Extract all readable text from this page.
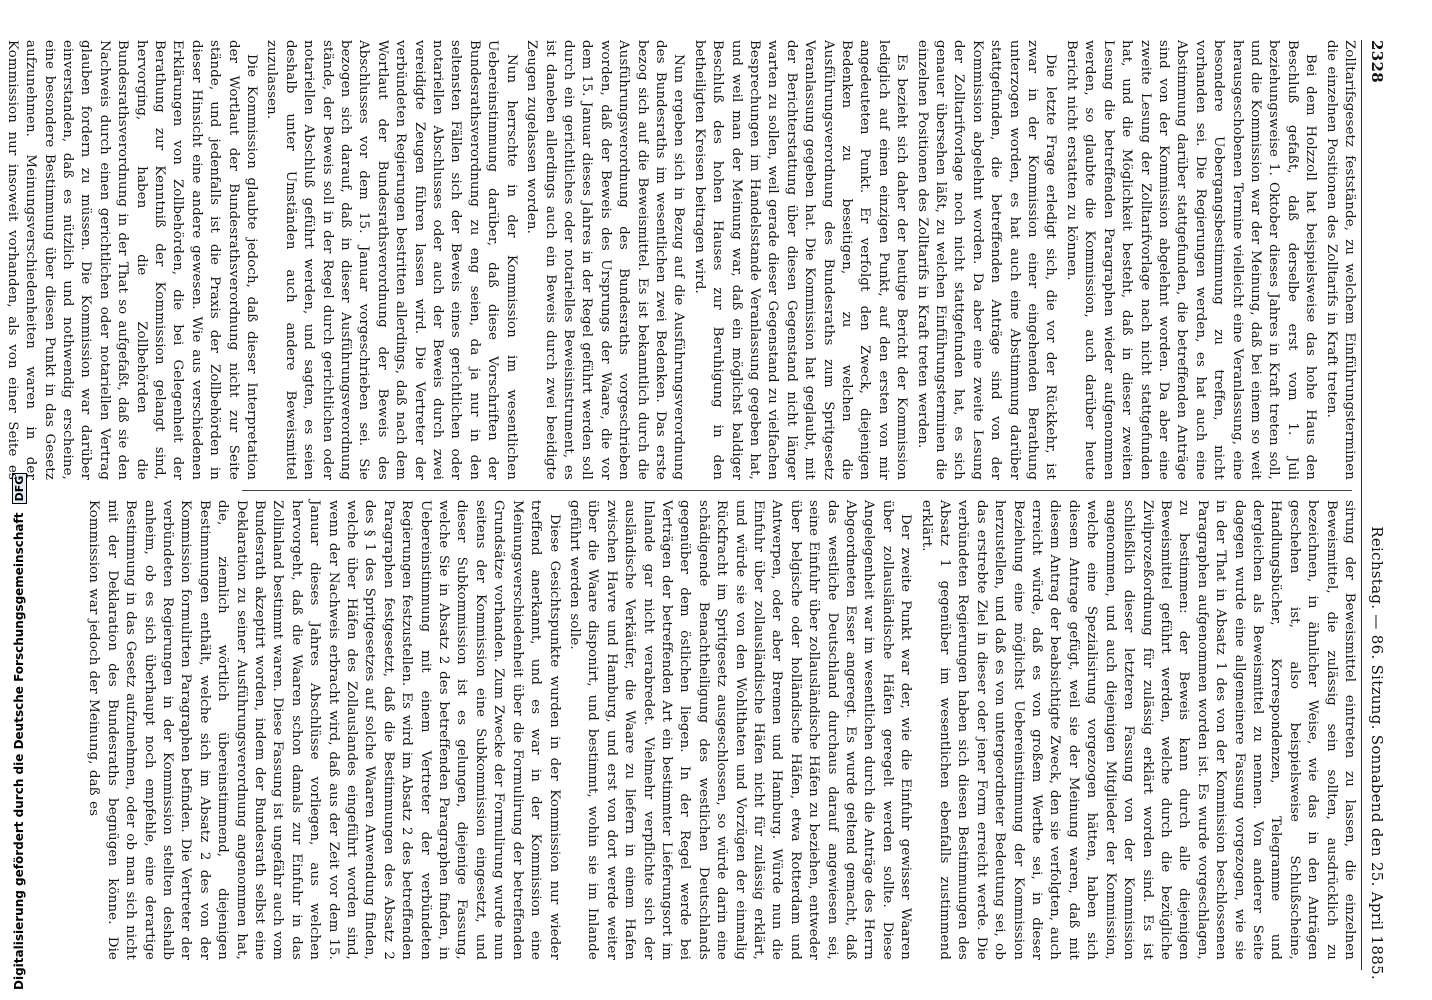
Digitalisierung gefördert durch die Deutsche Forschungsgemeinschaft DFG
2328
Reichstag. — 86. Sitzung. Sonnabend den 25. April 1885.

Zolltarifsgesetz feststände, zu welchem Einführungsterminen die einzelnen Positionen des Zolltarifs in Kraft treten.

Bei dem Holzzoll hat beispielsweise das hohe Haus den Beschluß gefaßt, daß derselbe erst vom 1. Juli beziehungsweise 1. Oktober dieses Jahres in Kraft treten soll, und die Kommission war der Meinung, daß bei einem so weit herausgeschobenen Termine vielleicht eine Veranlassung, eine besondere Uebergangsbestimmung zu treffen, nicht vorhanden sei. Die Regierungen werden, es hat auch eine Abstimmung darüber stattgefunden, die betreffenden Anträge sind von der Kommission abgelehnt worden. Da aber eine zweite Lesung der Zolltarifvorlage nach nicht stattgefunden hat, und die Möglichkeit besteht, daß in dieser zweiten Lesung die betreffenden Paragraphen wieder aufgenommen werden, so glaubte die Kommission, auch darüber heute Bericht nicht erstatten zu können.

Die letzte Frage erledigt sich, die vor der Rückkehr, ist zwar in der Kommission einer eingehenden Berathung unterzogen worden, es hat auch eine Abstimmung darüber stattgefunden, die betreffenden Anträge sind von der Kommission abgelehnt worden. Da aber eine zweite Lesung der Zolltarifvorlage noch nicht stattgefunden hat, es sich genauer übersehen läßt, zu welchen Einführungsterminen die einzelnen Positionen des Zolltarifs in Kraft treten werden.

Es bezieht sich daher der heutige Bericht der Kommission lediglich auf einen einzigen Punkt, auf den ersten von mir angedeuteten Punkt. Er verfolgt den Zweck, diejenigen Bedenken zu beseitigen, zu welchen die Ausführungsverordnung des Bundesraths zum Spritgesetz Veranlassung gegeben hat. Die Kommission hat geglaubt, mit der Berichterstattung über diesen Gegenstand nicht länger warten zu sollen, weil gerade dieser Gegenstand zu vielfachen Besprechungen im Handelsstande Veranlassung gegeben hat, und weil man der Meinung war, daß ein möglichst baldiger Beschluß des hohen Hauses zur Beruhigung in den betheiligten Kreisen beitragen wird.

Nun ergeben sich in Bezug auf die Ausführungsverordnung des Bundesraths im wesentlichen zwei Bedenken. Das erste bezog sich auf die Beweismittel. Es ist bekanntlich durch die Ausführungsverordnung des Bundesraths vorgeschrieben worden, daß der Beweis des Ursprungs der Waare, die vor dem 15. Januar dieses Jahres in der Regel geführt werden soll durch ein gerichtliches oder notarielles Beweisinstrument, es ist daneben allerdings auch ein Beweis durch zwei beeidigte Zeugen zugelassen worden.

Nun herrschte in der Kommission im wesentlichen Uebereinstimmung darüber, daß diese Vorschriften der Bundesrathsverordnung zu eng seien, da ja nur in den seltensten Fällen sich der Beweis eines gerichtlichen oder notariellen Abschlusses oder auch der Beweis durch zwei vereidigte Zeugen führen lassen wird. Die Vertreter der verbündeten Regierungen bestritten allerdings, daß nach dem Wortlaut der Bundesrathsverordnung der Beweis des Abschlusses vor dem 15. Januar vorgeschrieben sei. Sie bezogen sich darauf, daß in dieser Ausführungsverordnung stände, der Beweis soll in der Regel durch gerichtlichen oder notariellen Abschluß geführt werden, und sagten, es seien deshalb unter Umständen auch andere Beweismittel zuzulassen.

Die Kommission glaubte jedoch, daß dieser Interpretation der Wortlaut der Bundesrathsverordnung nicht zur Seite stände, und jedenfalls ist die Praxis der Zollbehörden in dieser Hinsicht eine andere gewesen. Wie aus verschiedenen Erklärungen von Zollbehörden, die bei Gelegenheit der Berathung zur Kenntniß der Kommission gelangt sind, hervorging, haben die Zollbehörden die Bundesrathsverordnung in der That so aufgefaßt, daß sie den Nachweis durch einen gerichtlichen oder notariellen Vertrag glauben fordern zu müssen. Die Kommission war darüber einverstanden, daß es nützlich und nothwendig erscheine, eine besondere Bestimmung über diesen Punkt in das Gesetz aufzunehmen. Meinungsverschiedenheiten waren in der Kommission nur insoweit vorhanden, als von einer Seite es

sirung der Beweismittel eintreten zu lassen, die einzelnen Beweismittel, die zulässig sein sollten, ausdrücklich zu bezeichnen, in ähnlicher Weise, wie das in den Anträgen geschehen ist, also beispielsweise Schlußscheine, Handlungsbücher, Korrespondenzen, Telegramme und dergleichen als Beweismittel zu nennen. Von anderer Seite dagegen wurde eine allgemeinere Fassung vorgezogen, wie sie in der That in Absatz 1 des von der Kommission beschlossenen Paragraphen aufgenommen worden ist. Es wurde vorgeschlagen, zu bestimmen: der Beweis kann durch alle diejenigen Beweismittel geführt werden, welche durch die bezügliche Zivilprozeßordnung für zulässig erklärt worden sind. Es ist schließlich dieser letzteren Fassung von der Kommission angenommen, und auch diejenigen Mitglieder der Kommission, welche eine Spezialisirung vorgezogen hätten, haben sich diesem Antrage gefügt, weil sie der Meinung waren, daß mit diesem Antrag der beabsichtigte Zweck, den sie verfolgten, auch erreicht würde, daß es von großem Werthe sei, in dieser Beziehung eine möglichst Uebereinstimmung der Kommission herzustellen, und daß es von untergeordneter Bedeutung sei, ob das erstrebte Ziel in dieser oder jener Form erreicht werde. Die verbündeten Regierungen haben sich diesen Bestimmungen des Absatz 1 gegenüber im wesentlichen ebenfalls zustimmend erklärt.

Der zweite Punkt war der, wie die Einfuhr gewisser Waaren über zollausländische Häfen geregelt werden sollte. Diese Angelegenheit war im wesentlichen durch die Anträge des Herrn Abgeordneten Esser angeregt. Es wurde geltend gemacht, daß das westliche Deutschland durchaus darauf angewiesen sei, seine Einfuhr über zollausländische Häfen zu beziehen, entweder über belgische oder holländische Häfen, etwa Rotterdam und Antwerpen, oder aber Bremen und Hamburg. Würde nun die Einfuhr über zollausländische Häfen nicht für zulässig erklärt, und würde sie von den Wohlthaten und Vorzügen der einmalig Rückfracht im Spritgesetz ausgeschlossen, so würde darin eine schädigende Benachtheiligung des westlichen Deutschlands gegenüber dem östlichen liegen. In der Regel werde bei Verträgen der betreffenden Art ein bestimmter Lieferungsort im Inlande gar nicht verabredet. Vielmehr verpflichte sich der ausländische Verkäufer, die Waare zu liefern in einem Hafen zwischen Havre und Hamburg, und erst von dort werde weiter über die Waare disponirt, und bestimmt, wohin sie im Inlande geführt werden solle.

Diese Gesichtspunkte wurden in der Kommission nur wieder treffend anerkannt, und es war in der Kommission eine Meinungsverschiedenheit über die Formulirung der betreffenden Grundsätze vorhanden. Zum Zwecke der Formulirung wurde nun seitens der Kommission eine Subkommission eingesetzt, und dieser Subkommission ist es gelungen, diejenige Fassung, welche Sie in Absatz 2 des betreffenden Paragraphen finden, in Uebereinstimmung mit einem Vertreter der verbündeten Regierungen festzustellen. Es wird im Absatz 2 des betreffenden Paragraphen festgesetzt, daß die Bestimmungen des Absatz 2 des § 1 des Spritgesetzes auf solche Waaren Anwendung finden, welche über Häfen des Zollauslandes eingeführt worden sind, wenn der Nachweis erbracht wird, daß aus der Zeit vor dem 15. Januar dieses Jahres Abschlüsse vorliegen, aus welchen hervorgeht, daß die Waaren schon damals zur Einfuhr in das Zollinland bestimmt waren. Diese Fassung ist ungefähr auch vom Bundesrath akzeptirt worden, indem der Bundesrath selbst eine Deklaration zu seiner Ausführungsverordnung angenommen hat, die, ziemlich wörtlich übereinstimmend, diejenigen Bestimmungen enthält, welche sich im Absatz 2 des von der Kommission formulirten Paragraphen befinden. Die Vertreter der verbündeten Regierungen in der Kommission stellten deshalb anheim, ob es sich überhaupt noch empfehle, eine derartige Bestimmung in das Gesetz aufzunehmen, oder ob man sich nicht mit der Deklaration des Bundesraths begnügen könne. Die Kommission war jedoch der Meinung, daß es
